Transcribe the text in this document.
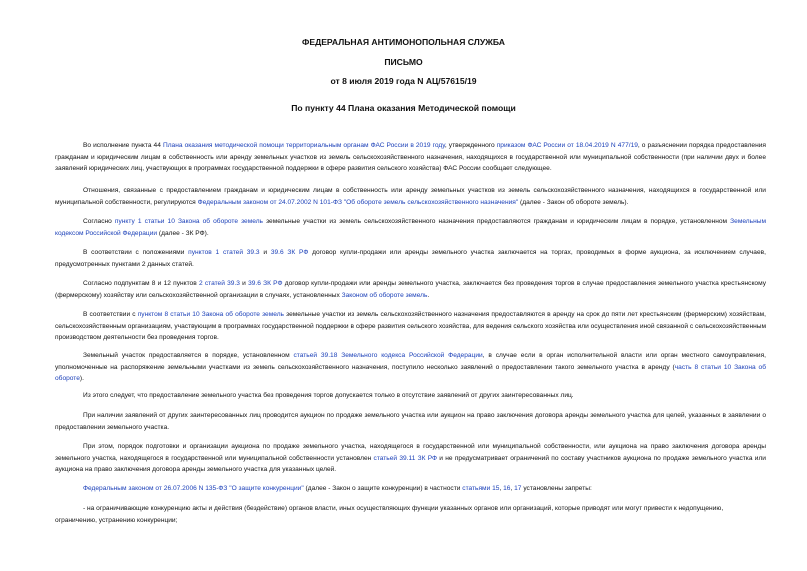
ФЕДЕРАЛЬНАЯ АНТИМОНОПОЛЬНАЯ СЛУЖБА
ПИСЬМО
от 8 июля 2019 года N АЦ/57615/19
По пункту 44 Плана оказания Методической помощи
Во исполнение пункта 44 Плана оказания методической помощи территориальным органам ФАС России в 2019 году, утвержденного приказом ФАС России от 18.04.2019 N 477/19, о разъяснении порядка предоставления гражданам и юридическим лицам в собственность или аренду земельных участков из земель сельскохозяйственного назначения, находящихся в государственной или муниципальной собственности (при наличии двух и более заявлений юридических лиц, участвующих в программах государственной поддержки в сфере развития сельского хозяйства) ФАС России сообщает следующее.
Отношения, связанные с предоставлением гражданам и юридическим лицам в собственность или аренду земельных участков из земель сельскохозяйственного назначения, находящихся в государственной или муниципальной собственности, регулируются Федеральным законом от 24.07.2002 N 101-ФЗ "Об обороте земель сельскохозяйственного назначения" (далее - Закон об обороте земель).
Согласно пункту 1 статьи 10 Закона об обороте земель земельные участки из земель сельскохозяйственного назначения предоставляются гражданам и юридическим лицам в порядке, установленном Земельным кодексом Российской Федерации (далее - ЗК РФ).
В соответствии с положениями пунктов 1 статей 39.3 и 39.6 ЗК РФ договор купли-продажи или аренды земельного участка заключается на торгах, проводимых в форме аукциона, за исключением случаев, предусмотренных пунктами 2 данных статей.
Согласно подпунктам 8 и 12 пунктов 2 статей 39.3 и 39.6 ЗК РФ договор купли-продажи или аренды земельного участка, заключается без проведения торгов в случае предоставления земельного участка крестьянскому (фермерскому) хозяйству или сельскохозяйственной организации в случаях, установленных Законом об обороте земель.
В соответствии с пунктом 8 статьи 10 Закона об обороте земель земельные участки из земель сельскохозяйственного назначения предоставляются в аренду на срок до пяти лет крестьянским (фермерским) хозяйствам, сельскохозяйственным организациям, участвующим в программах государственной поддержки в сфере развития сельского хозяйства, для ведения сельского хозяйства или осуществления иной связанной с сельскохозяйственным производством деятельности без проведения торгов.
Земельный участок предоставляется в порядке, установленном статьей 39.18 Земельного кодекса Российской Федерации, в случае если в орган исполнительной власти или орган местного самоуправления, уполномоченные на распоряжение земельными участками из земель сельскохозяйственного назначения, поступило несколько заявлений о предоставлении такого земельного участка в аренду (часть 8 статьи 10 Закона об обороте).
Из этого следует, что предоставление земельного участка без проведения торгов допускается только в отсутствие заявлений от других заинтересованных лиц.
При наличии заявлений от других заинтересованных лиц проводится аукцион по продаже земельного участка или аукцион на право заключения договора аренды земельного участка для целей, указанных в заявлении о предоставлении земельного участка.
При этом, порядок подготовки и организации аукциона по продаже земельного участка, находящегося в государственной или муниципальной собственности, или аукциона на право заключения договора аренды земельного участка, находящегося в государственной или муниципальной собственности установлен статьей 39.11 ЗК РФ и не предусматривает ограничений по составу участников аукциона по продаже земельного участка или аукциона на право заключения договора аренды земельного участка для указанных целей.
Федеральным законом от 26.07.2006 N 135-ФЗ "О защите конкуренции" (далее - Закон о защите конкуренции) в частности статьями 15, 16, 17 установлены запреты:
- на ограничивающие конкуренцию акты и действия (бездействие) органов власти, иных осуществляющих функции указанных органов или организаций, которые приводят или могут привести к недопущению, ограничению, устранению конкуренции;
